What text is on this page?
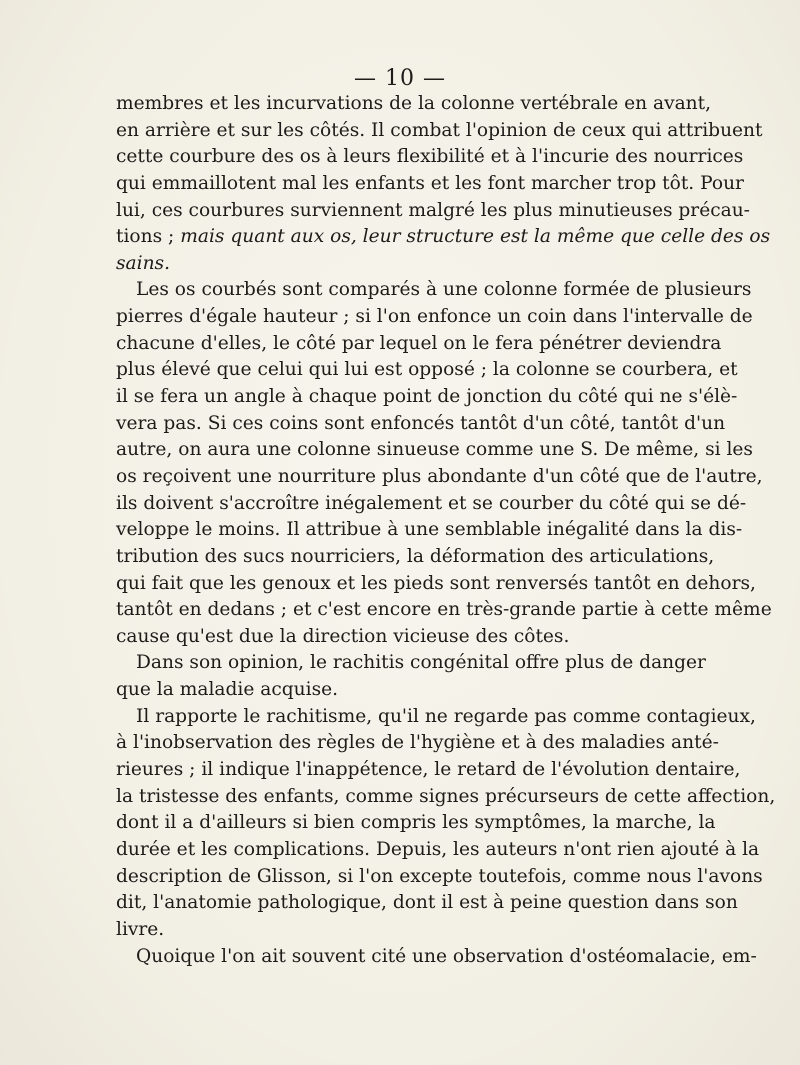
— 10 —
membres et les incurvations de la colonne vertébrale en avant,
en arrière et sur les côtés. Il combat l'opinion de ceux qui attribuent
cette courbure des os à leurs flexibilité et à l'incurie des nourrices
qui emmaillotent mal les enfants et les font marcher trop tôt. Pour
lui, ces courbures surviennent malgré les plus minutieuses précau-
tions ; mais quant aux os, leur structure est la même que celle des os
sains.
Les os courbés sont comparés à une colonne formée de plusieurs
pierres d'égale hauteur ; si l'on enfonce un coin dans l'intervalle de
chacune d'elles, le côté par lequel on le fera pénétrer deviendra
plus élevé que celui qui lui est opposé ; la colonne se courbera, et
il se fera un angle à chaque point de jonction du côté qui ne s'élè-
vera pas. Si ces coins sont enfoncés tantôt d'un côté, tantôt d'un
autre, on aura une colonne sinueuse comme une S. De même, si les
os reçoivent une nourriture plus abondante d'un côté que de l'autre,
ils doivent s'accroître inégalement et se courber du côté qui se dé-
veloppe le moins. Il attribue à une semblable inégalité dans la dis-
tribution des sucs nourriciers, la déformation des articulations,
qui fait que les genoux et les pieds sont renversés tantôt en dehors,
tantôt en dedans ; et c'est encore en très-grande partie à cette même
cause qu'est due la direction vicieuse des côtes.
Dans son opinion, le rachitis congénital offre plus de danger
que la maladie acquise.
Il rapporte le rachitisme, qu'il ne regarde pas comme contagieux,
à l'inobservation des règles de l'hygiène et à des maladies anté-
rieures ; il indique l'inappétence, le retard de l'évolution dentaire,
la tristesse des enfants, comme signes précurseurs de cette affection,
dont il a d'ailleurs si bien compris les symptômes, la marche, la
durée et les complications. Depuis, les auteurs n'ont rien ajouté à la
description de Glisson, si l'on excepte toutefois, comme nous l'avons
dit, l'anatomie pathologique, dont il est à peine question dans son
livre.
Quoique l'on ait souvent cité une observation d'ostéomalacie, em-
